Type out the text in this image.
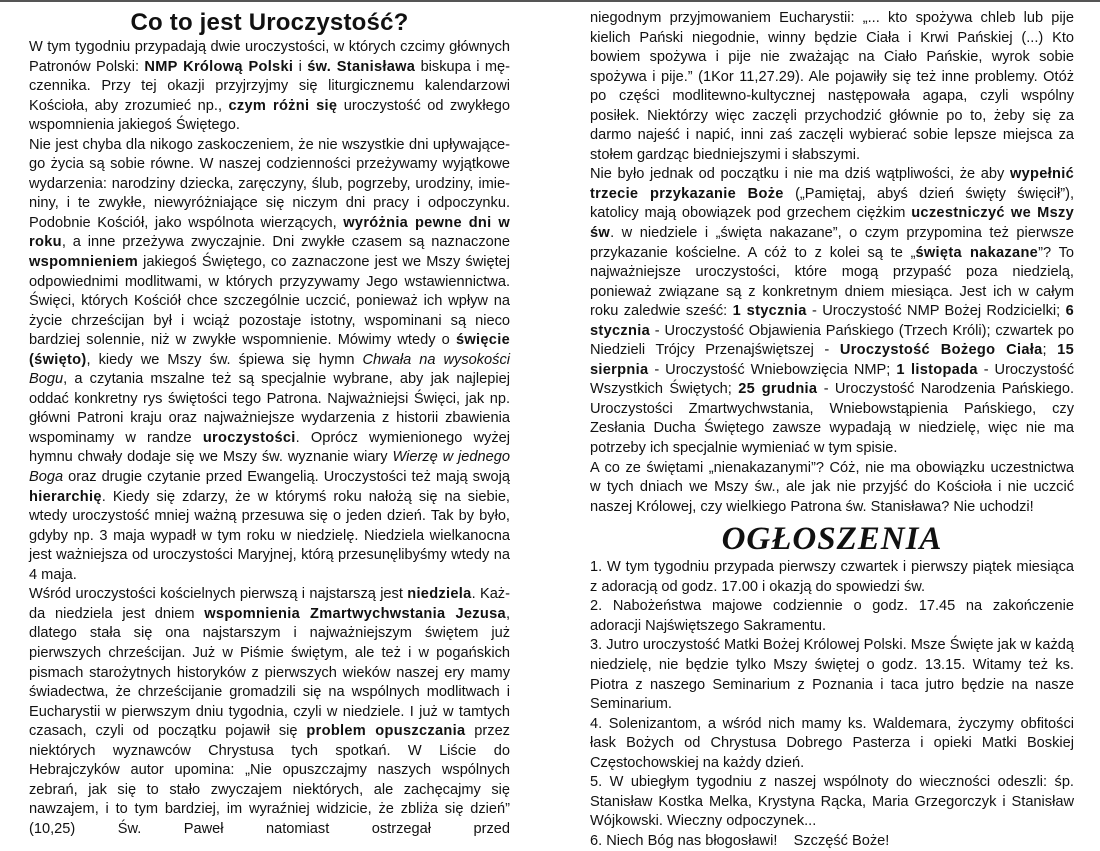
Co to jest Uroczystość?

W tym tygodniu przypadają dwie uroczystości, w których czcimy głównych Patronów Polski: NMP Królową Polski i św. Stanisława biskupa i męczennika. Przy tej okazji przyjrzyjmy się liturgicznemu kalendarzowi Kościoła, aby zrozumieć np., czym różni się uroczystość od zwykłego wspomnienia jakiegoś Świętego.

Nie jest chyba dla nikogo zaskoczeniem, że nie wszystkie dni upływającego życia są sobie równe. W naszej codzienności przeżywamy wyjątkowe wydarzenia: narodziny dziecka, zaręczyny, ślub, pogrzeby, urodziny, imieniny, i te zwykłe, niewyróżniające się niczym dni pracy i odpoczynku. Podobnie Kościół, jako wspólnota wierzących, wyróżnia pewne dni w roku, a inne przeżywa zwyczajnie. Dni zwykłe czasem są naznaczone wspomnieniem jakiegoś Świętego, co zaznaczone jest we Mszy świętej odpowiednimi modlitwami, w których przyzywamy Jego wstawiennictwa. Święci, których Kościół chce szczególnie uczcić, ponieważ ich wpływ na życie chrześcijan był i wciąż pozostaje istotny, wspominani są nieco bardziej solennie, niż w zwykłe wspomnienie. Mówimy wtedy o święcie (święto), kiedy we Mszy św. śpiewa się hymn Chwała na wysokości Bogu, a czytania mszalne też są specjalnie wybrane, aby jak najlepiej oddać konkretny rys świętości tego Patrona. Najważniejsi Święci, jak np. główni Patroni kraju oraz najważniejsze wydarzenia z historii zbawienia wspominamy w randze uroczystości. Oprócz wymienionego wyżej hymnu chwały dodaje się we Mszy św. wyznanie wiary Wierzę w jednego Boga oraz drugie czytanie przed Ewangelią. Uroczystości też mają swoją hierarchię. Kiedy się zdarzy, że w którymś roku nałożą się na siebie, wtedy uroczystość mniej ważną przesuwa się o jeden dzień. Tak by było, gdyby np. 3 maja wypadł w tym roku w niedzielę. Niedziela wielkanocna jest ważniejsza od uroczystości Maryjnej, którą przesunęlibyśmy wtedy na 4 maja.

Wśród uroczystości kościelnych pierwszą i najstarszą jest niedziela. Każda niedziela jest dniem wspomnienia Zmartwychwstania Jezusa, dlatego stała się ona najstarszym i najważniejszym świętem już pierwszych chrześcijan. Już w Piśmie świętym, ale też i w pogańskich pismach starożytnych historyków z pierwszych wieków naszej ery mamy świadectwa, że chrześcijanie gromadzili się na wspólnych modlitwach i Eucharystii w pierwszym dniu tygodnia, czyli w niedziele. I już w tamtych czasach, czyli od początku pojawił się problem opuszczania przez niektórych wyznawców Chrystusa tych spotkań. W Liście do Hebrajczyków autor upomina: „Nie opuszczajmy naszych wspólnych zebrań, jak się to stało zwyczajem niektórych, ale zachęcajmy się nawzajem, i to tym bardziej, im wyraźniej widzicie, że zbliża się dzień” (10,25) Św. Paweł natomiast ostrzegał przed

niegodnym przyjmowaniem Eucharystii: „... kto spożywa chleb lub pije kielich Pański niegodnie, winny będzie Ciała i Krwi Pańskiej (...) Kto bowiem spożywa i pije nie zważając na Ciało Pańskie, wyrok sobie spożywa i pije.” (1Kor 11,27.29). Ale pojawiły się też inne problemy. Otóż po części modlitewno-kultycznej następowała agapa, czyli wspólny posiłek. Niektórzy więc zaczęli przychodzić głównie po to, żeby się za darmo najeść i napić, inni zaś zaczęli wybierać sobie lepsze miejsca za stołem gardząc biedniejszymi i słabszymi.

Nie było jednak od początku i nie ma dziś wątpliwości, że aby wypełnić trzecie przykazanie Boże („Pamiętaj, abyś dzień święty święcił”), katolicy mają obowiązek pod grzechem ciężkim uczestniczyć we Mszy św. w niedziele i „święta nakazane”, o czym przypomina też pierwsze przykazanie kościelne. A cóż to z kolei są te „święta nakazane”? To najważniejsze uroczystości, które mogą przypaść poza niedzielą, ponieważ związane są z konkretnym dniem miesiąca. Jest ich w całym roku zaledwie sześć: 1 stycznia - Uroczystość NMP Bożej Rodzicielki; 6 stycznia - Uroczystość Objawienia Pańskiego (Trzech Króli); czwartek po Niedzieli Trójcy Przenajświętszej - Uroczystość Bożego Ciała; 15 sierpnia - Uroczystość Wniebowzięcia NMP; 1 listopada - Uroczystość Wszystkich Świętych; 25 grudnia - Uroczystość Narodzenia Pańskiego. Uroczystości Zmartwychwstania, Wniebowstąpienia Pańskiego, czy Zesłania Ducha Świętego zawsze wypadają w niedzielę, więc nie ma potrzeby ich specjalnie wymieniać w tym spisie.

A co ze świętami „nienakazanymi”? Cóż, nie ma obowiązku uczestnictwa w tych dniach we Mszy św., ale jak nie przyjść do Kościoła i nie uczcić naszej Królowej, czy wielkiego Patrona św. Stanisława? Nie uchodzi!

OGŁOSZENIA
1. W tym tygodniu przypada pierwszy czwartek i pierwszy piątek miesiąca z adoracją od godz. 17.00 i okazją do spowiedzi św.
2. Nabożeństwa majowe codziennie o godz. 17.45 na zakończenie adoracji Najświętszego Sakramentu.
3. Jutro uroczystość Matki Bożej Królowej Polski. Msze Święte jak w każdą niedzielę, nie będzie tylko Mszy świętej o godz. 13.15. Witamy też ks. Piotra z naszego Seminarium z Poznania i taca jutro będzie na nasze Seminarium.
4. Solenizantom, a wśród nich mamy ks. Waldemara, życzymy obfitości łask Bożych od Chrystusa Dobrego Pasterza i opieki Matki Boskiej Częstochowskiej na każdy dzień.
5. W ubiegłym tygodniu z naszej wspólnoty do wieczności odeszli: śp. Stanisław Kostka Melka, Krystyna Rącka, Maria Grzegorczyk i Stanisław Wójkowski. Wieczny odpoczynek...
6. Niech Bóg nas błogosławi!    Szczęść Boże!
